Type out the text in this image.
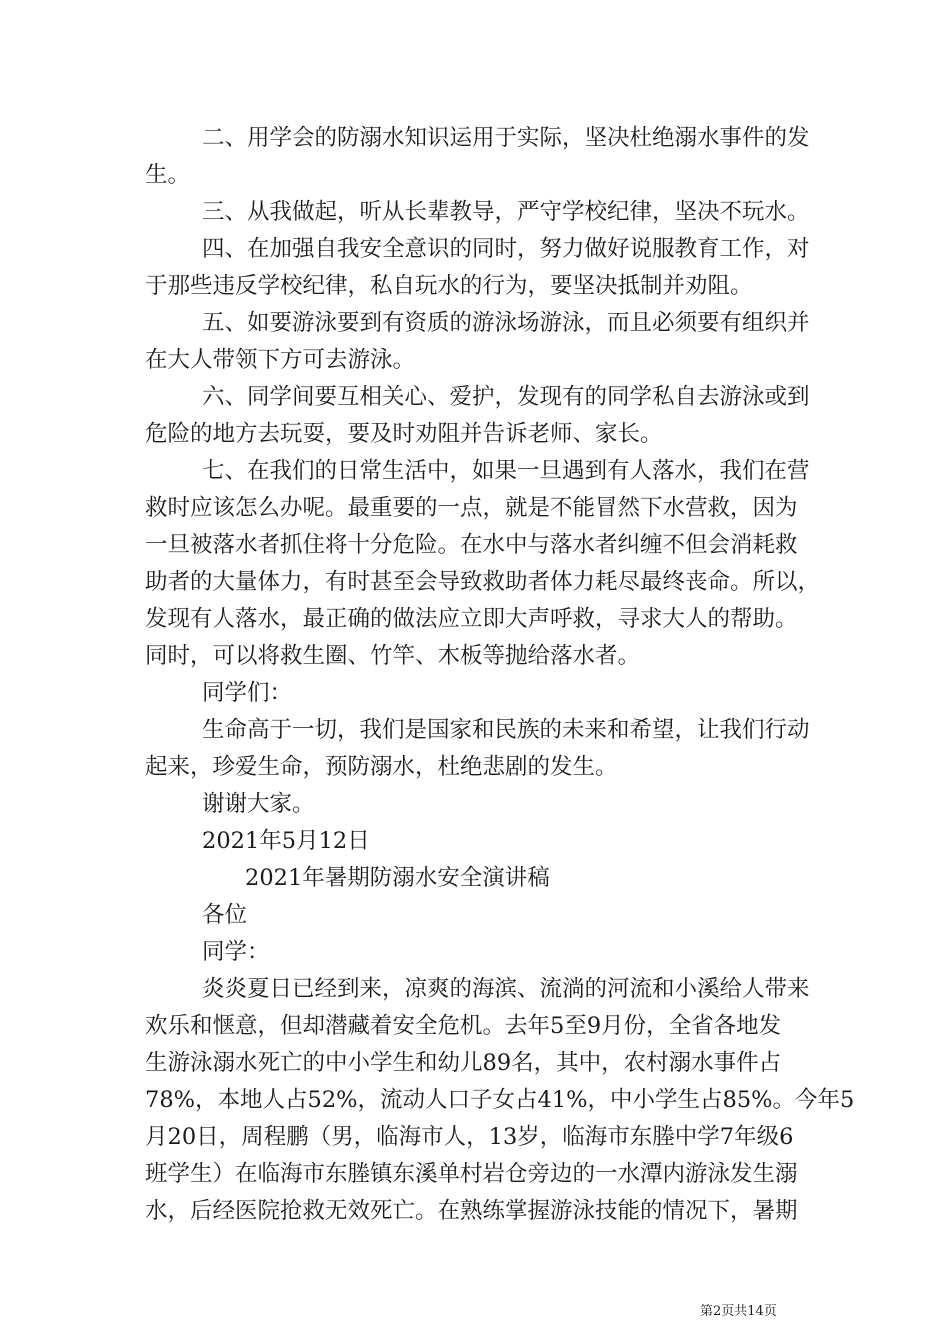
二、用学会的防溺水知识运用于实际，坚决杜绝溺水事件的发
生。
三、从我做起，听从长辈教导，严守学校纪律，坚决不玩水。
四、在加强自我安全意识的同时，努力做好说服教育工作，对
于那些违反学校纪律，私自玩水的行为，要坚决抵制并劝阻。
五、如要游泳要到有资质的游泳场游泳，而且必须要有组织并
在大人带领下方可去游泳。
六、同学间要互相关心、爱护，发现有的同学私自去游泳或到
危险的地方去玩耍，要及时劝阻并告诉老师、家长。
七、在我们的日常生活中，如果一旦遇到有人落水，我们在营
救时应该怎么办呢。最重要的一点，就是不能冒然下水营救，因为
一旦被落水者抓住将十分危险。在水中与落水者纠缠不但会消耗救
助者的大量体力，有时甚至会导致救助者体力耗尽最终丧命。所以，
发现有人落水，最正确的做法应立即大声呼救，寻求大人的帮助。
同时，可以将救生圈、竹竿、木板等抛给落水者。
同学们：
生命高于一切，我们是国家和民族的未来和希望，让我们行动
起来，珍爱生命，预防溺水，杜绝悲剧的发生。
谢谢大家。
2021年5月12日
2021年暑期防溺水安全演讲稿
各位
同学：
炎炎夏日已经到来，凉爽的海滨、流淌的河流和小溪给人带来
欢乐和惬意，但却潜藏着安全危机。去年5至9月份，全省各地发
生游泳溺水死亡的中小学生和幼儿89名，其中，农村溺水事件占
78%，本地人占52%，流动人口子女占41%，中小学生占85%。今年5
月20日，周程鹏（男，临海市人，13岁，临海市东塍中学7年级6
班学生）在临海市东塍镇东溪单村岩仓旁边的一水潭内游泳发生溺
水，后经医院抢救无效死亡。在熟练掌握游泳技能的情况下，暑期
第2页共14页
